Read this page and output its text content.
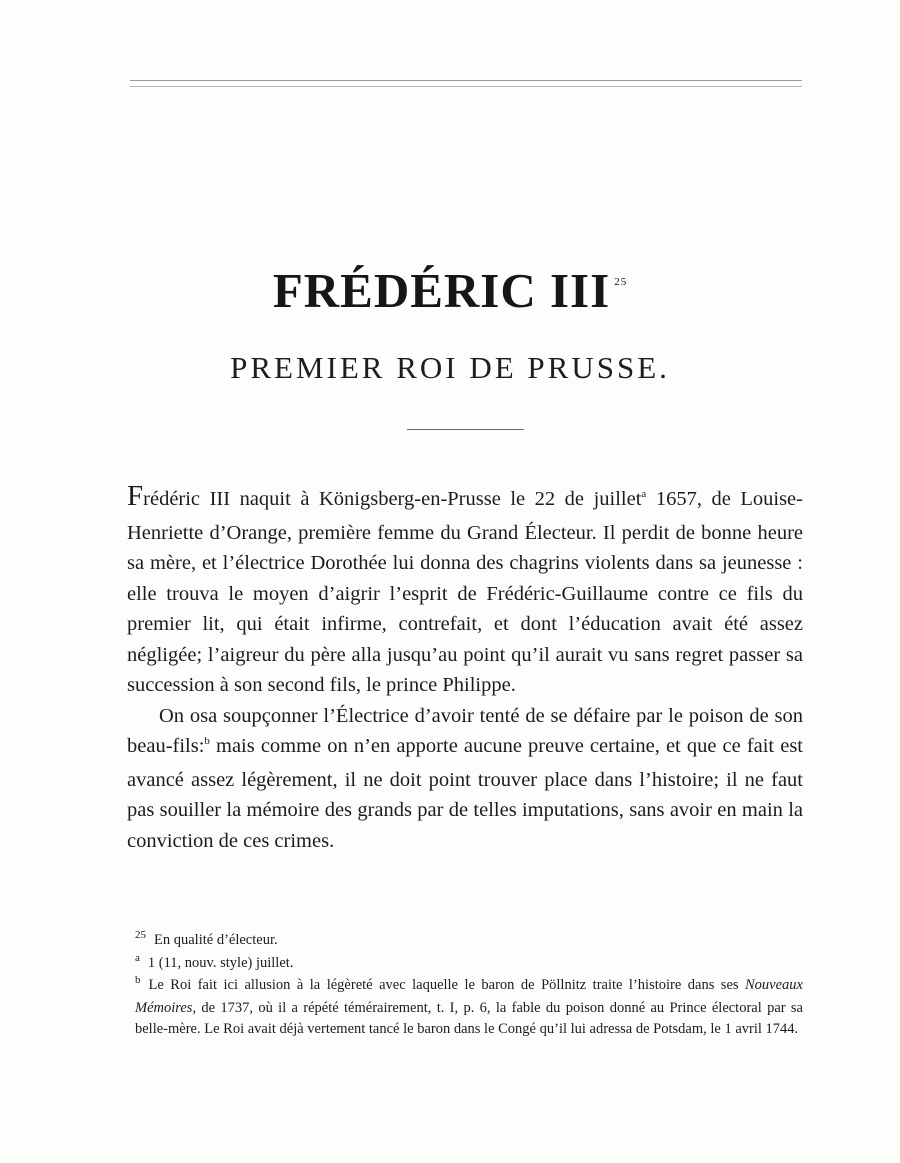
FRÉDÉRIC III $^{25}$
PREMIER ROI DE PRUSSE.

Frédéric III naquit à Königsberg-en-Prusse le 22 de juillet$^a$ 1657, de Louise-Henriette d’Orange, première femme du Grand Électeur. Il perdit de bonne heure sa mère, et l’électrice Dorothée lui donna des chagrins violents dans sa jeunesse : elle trouva le moyen d’aigrir l’esprit de Frédéric-Guillaume contre ce fils du premier lit, qui était infirme, contrefait, et dont l’éducation avait été assez négligée; l’aigreur du père alla jusqu’au point qu’il aurait vu sans regret passer sa succession à son second fils, le prince Philippe.

On osa soupçonner l’Électrice d’avoir tenté de se défaire par le poison de son beau-fils:$^b$ mais comme on n’en apporte aucune preuve certaine, et que ce fait est avancé assez légèrement, il ne doit point trouver place dans l’histoire; il ne faut pas souiller la mémoire des grands par de telles imputations, sans avoir en main la conviction de ces crimes.

$^{25}$ En qualité d’électeur.
$^a$ 1 (11, nouv. style) juillet.
$^b$ Le Roi fait ici allusion à la légèreté avec laquelle le baron de Pöllnitz traite l’histoire dans ses Nouveaux Mémoires, de 1737, où il a répété témérairement, t. I, p. 6, la fable du poison donné au Prince électoral par sa belle-mère. Le Roi avait déjà vertement tancé le baron dans le Congé qu’il lui adressa de Potsdam, le 1 avril 1744.
